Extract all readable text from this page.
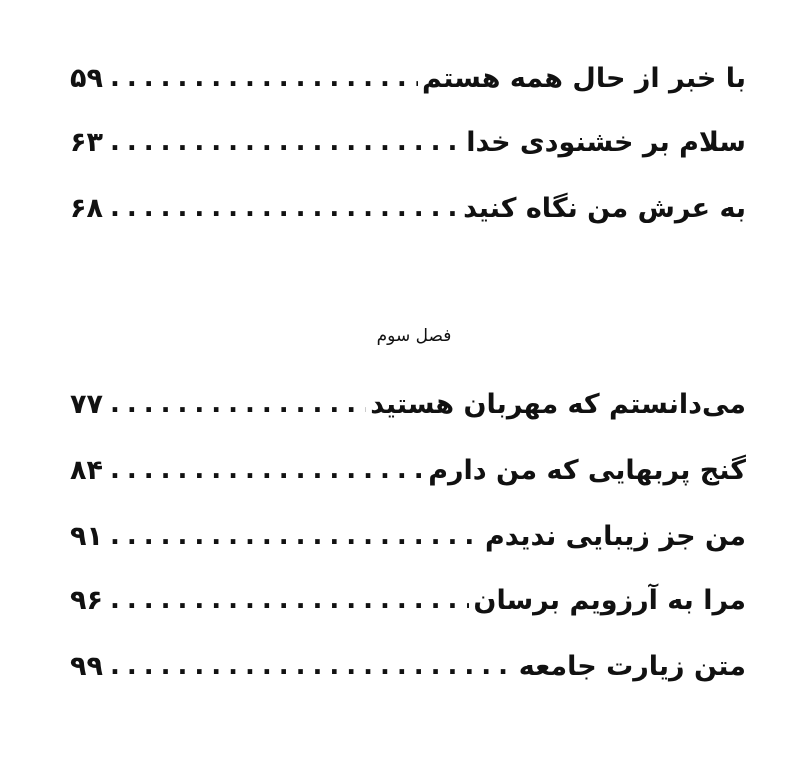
۵۹ .....	با خبر از حال همه هستم
۶۳ .....	سلام بر خشنودی خدا
۶۸ .....	به عرش من نگاه کنید
فصل سوم
۷۷ .....	می‌دانستم که مهربان هستید
۸۴ .....	گنج پربهایی که من دارم
۹۱ .....	من جز زیبایی ندیدم
۹۶ .....	مرا به آرزویم برسان
۹۹ .....	متن زیارت جامعه
